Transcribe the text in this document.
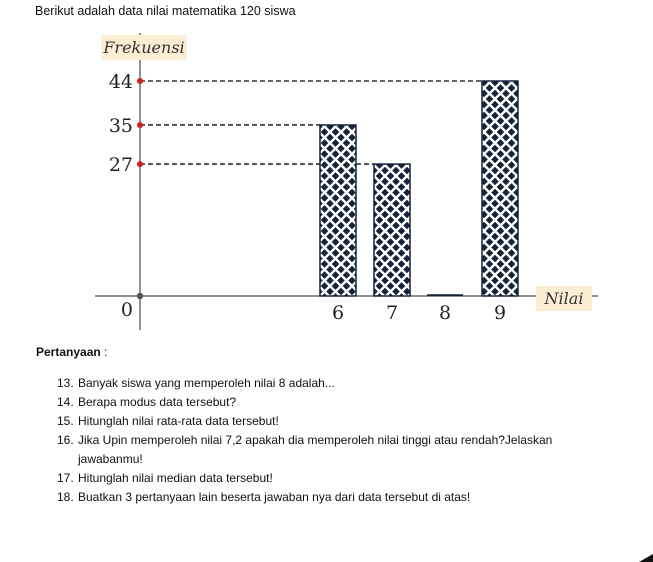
Berikut adalah data nilai matematika 120 siswa
6 7 8 9
27
35
44
0
Frekuensi
Nilai
Pertanyaan :
13. Banyak siswa yang memperoleh nilai 8 adalah...
14. Berapa modus data tersebut?
15. Hitunglah nilai rata-rata data tersebut!
16. Jika Upin memperoleh nilai 7,2 apakah dia memperoleh nilai tinggi atau rendah?Jelaskan jawabanmu!
17. Hitunglah nilai median data tersebut!
18. Buatkan 3 pertanyaan lain beserta jawaban nya dari data tersebut di atas!
